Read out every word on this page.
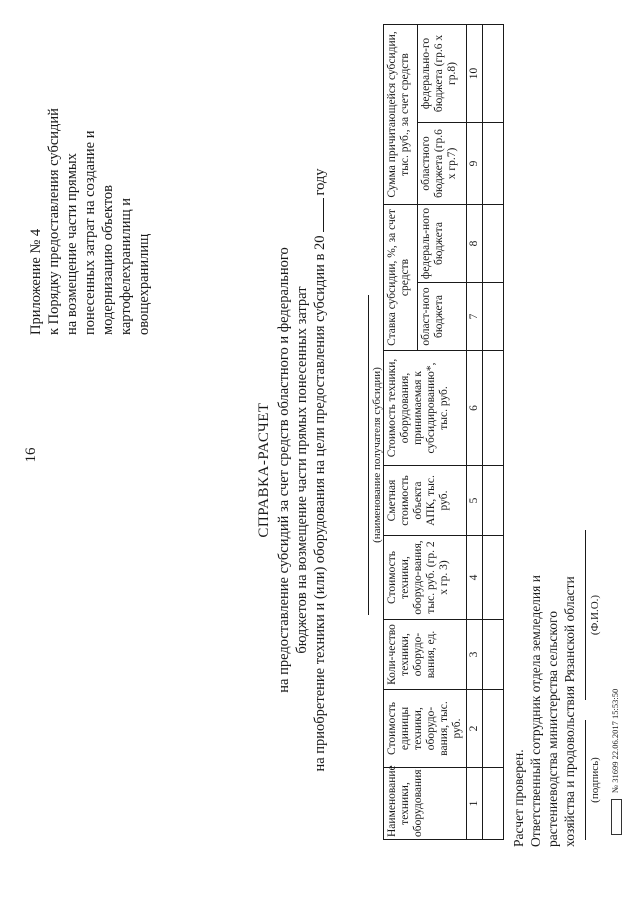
16
Приложение № 4 к Порядку предоставления субсидий на возмещение части прямых понесенных затрат на создание и модернизацию объектов картофелехранилищ и овощехранилищ
СПРАВКА-РАСЧЕТ на предоставление субсидий за счет средств областного и федерального бюджетов на возмещение части прямых понесенных затрат на приобретение техники и (или) оборудования на цели предоставления субсидии в 20году
(наименование получателя субсидии)
Наименование техники, оборудования	Стоимость единицы техники, оборудо-вания, тыс. руб.	Коли-чество техники, оборудо-вания, ед.	Стоимость техники, оборудо-вания, тыс. руб. (гр. 2 х гр. 3)	Сметная стоимость объекта АПК, тыс. руб.	Стоимость техники, оборудования, принимаемая к субсидированию*, тыс. руб.	Ставка субсидии, %, за счет средств		Сумма причитающейся субсидии, тыс. руб., за счет средств	
						област-ного бюджета	федераль-ного бюджета	областного бюджета (гр.6 х гр.7)	федерально-го бюджета (гр.6 х гр.8)
1	2	3	4	5	6	7	8	9	10

Расчет проверен. Ответственный сотрудник отдела земледелия и растениеводства министерства сельского хозяйства и продовольствия Рязанской области (подпись)
(Ф.И.О.)
№ 31699 22.06.2017 15:53:50
